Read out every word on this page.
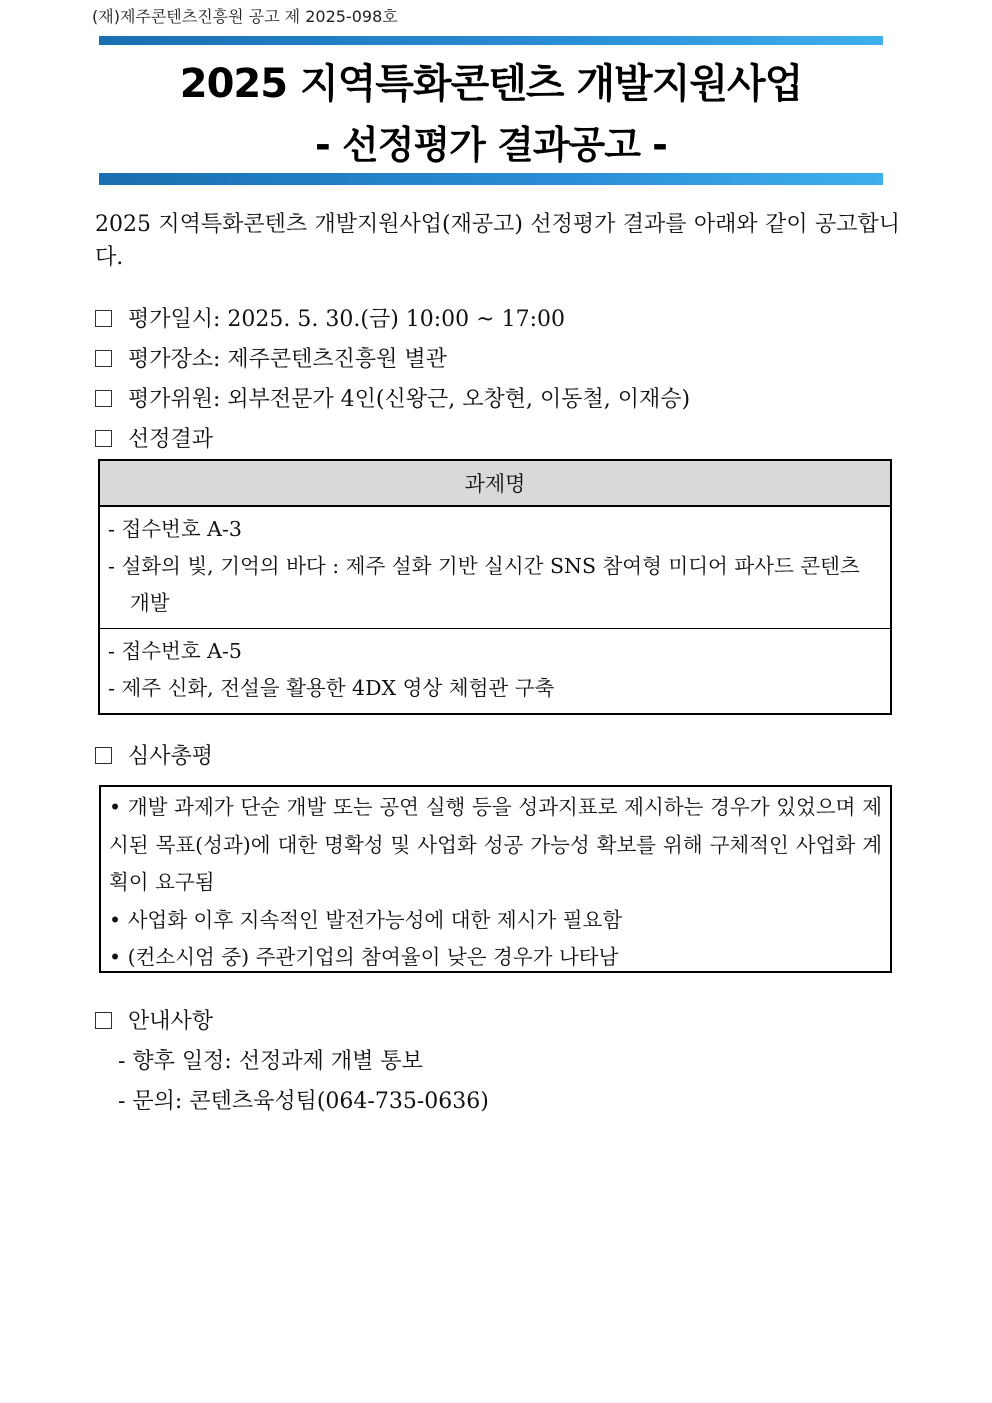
(재)제주콘텐츠진흥원 공고 제 2025-098호
2025 지역특화콘텐츠 개발지원사업
- 선정평가 결과공고 -
2025 지역특화콘텐츠 개발지원사업(재공고) 선정평가 결과를 아래와 같이 공고합니다.
평가일시: 2025. 5. 30.(금) 10:00 ~ 17:00
평가장소: 제주콘텐츠진흥원 별관
평가위원: 외부전문가 4인(신왕근, 오창현, 이동철, 이재승)
선정결과
과제명

- 접수번호 A-3
- 설화의 빛, 기억의 바다 : 제주 설화 기반 실시간 SNS 참여형 미디어 파사드 콘텐츠 개발

- 접수번호 A-5
- 제주 신화, 전설을 활용한 4DX 영상 체험관 구축
심사총평
• 개발 과제가 단순 개발 또는 공연 실행 등을 성과지표로 제시하는 경우가 있었으며 제시된 목표(성과)에 대한 명확성 및 사업화 성공 가능성 확보를 위해 구체적인 사업화 계획이 요구됨
• 사업화 이후 지속적인 발전가능성에 대한 제시가 필요함
• (컨소시엄 중) 주관기업의 참여율이 낮은 경우가 나타남
안내사항
- 향후 일정: 선정과제 개별 통보
- 문의: 콘텐츠육성팀(064-735-0636)
